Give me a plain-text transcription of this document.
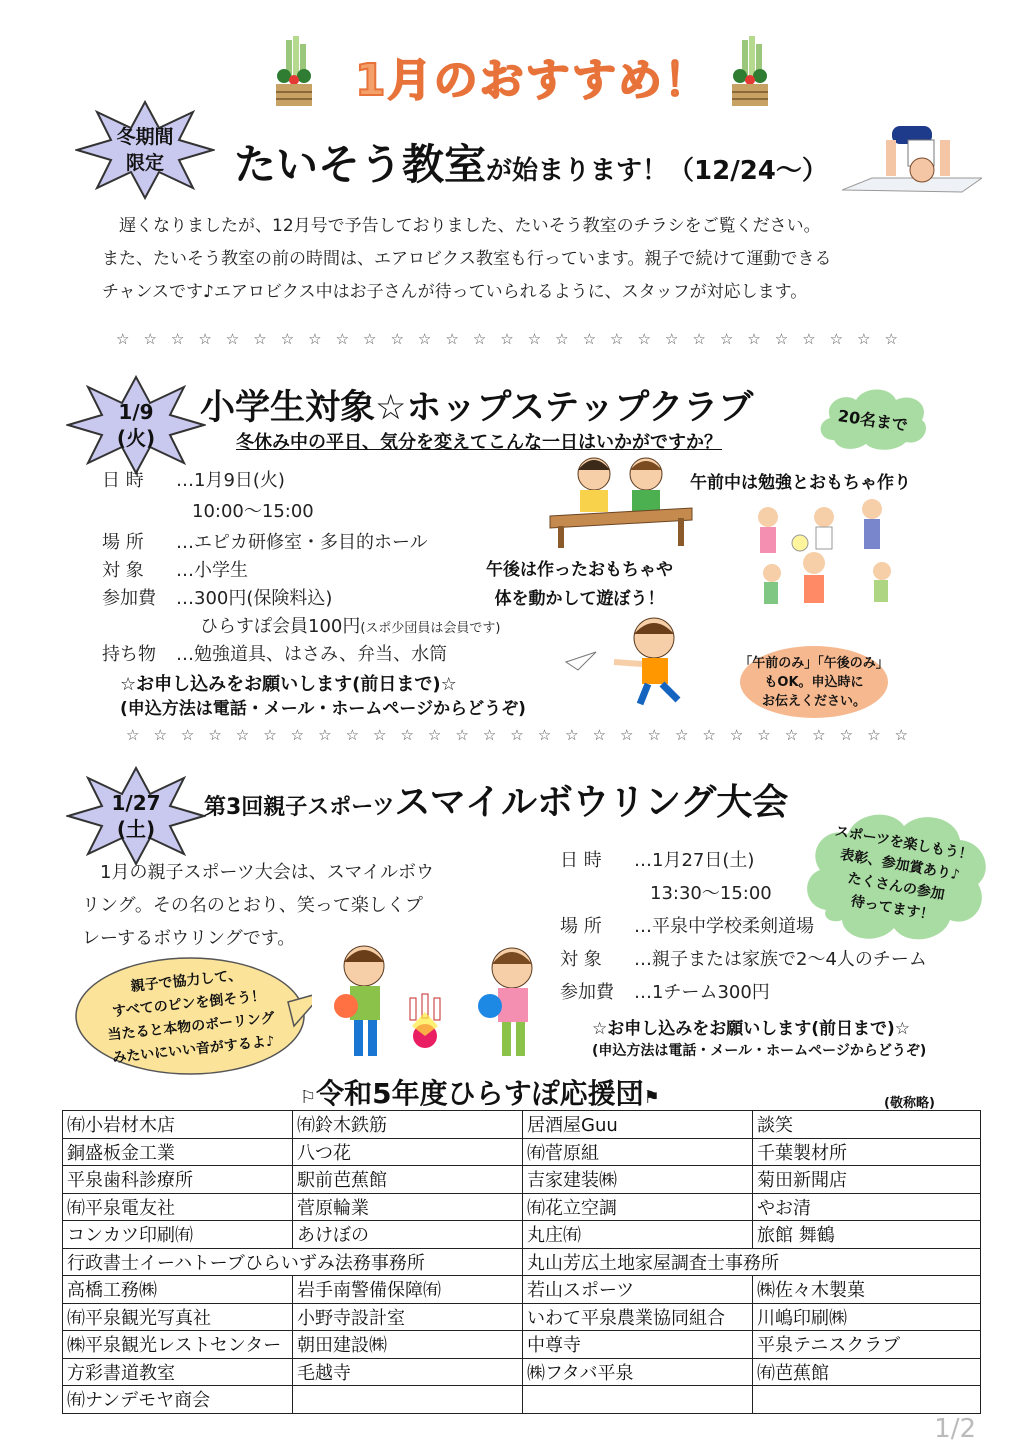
1月のおすすめ！
冬期間
限定	たいそう教室が始まります！（12/24～）
　遅くなりましたが、12月号で予告しておりました、たいそう教室のチラシをご覧ください。
また、たいそう教室の前の時間は、エアロビクス教室も行っています。親子で続けて運動できる
チャンスです♪エアロビクス中はお子さんが待っていられるように、スタッフが対応します。
☆☆☆☆☆☆☆☆☆☆☆☆☆☆☆☆☆☆☆☆☆☆☆☆☆☆☆☆☆
1/9
(火)
小学生対象☆ホップステップクラブ	20名まで
冬休み中の平日、気分を変えてこんな一日はいかがですか？
日 時 …1月9日(火)
10:00～15:00
場 所 …エピカ研修室・多目的ホール
対 象 …小学生
参加費 …300円(保険料込)
ひらすぽ会員100円(スポ少団員は会員です)
持ち物 …勉強道具、はさみ、弁当、水筒
☆お申し込みをお願いします(前日まで)☆
(申込方法は電話・メール・ホームページからどうぞ)
午前中は勉強とおもちゃ作り
午後は作ったおもちゃや
体を動かして遊ぼう！
「午前のみ」「午後のみ」
もOK。申込時に
お伝えください。
☆☆☆☆☆☆☆☆☆☆☆☆☆☆☆☆☆☆☆☆☆☆☆☆☆☆☆☆☆
1/27
(土)
第3回親子スポーツスマイルボウリング大会
　1月の親子スポーツ大会は、スマイルボウ
リング。その名のとおり、笑って楽しくプ
レーするボウリングです。
日 時 …1月27日(土)
13:30～15:00
場 所 …平泉中学校柔剣道場
対 象 …親子または家族で2～4人のチーム
参加費 …1チーム300円
☆お申し込みをお願いします(前日まで)☆
(申込方法は電話・メール・ホームページからどうぞ)
スポーツを楽しもう！
表彰、参加賞あり♪
たくさんの参加
待ってます！
親子で協力して、
すべてのピンを倒そう！
当たると本物のボーリング
みたいにいい音がするよ♪
⚐令和5年度ひらすぽ応援団⚑	(敬称略)
㈲小岩材木店	㈲鈴木鉄筋	居酒屋Guu	談笑
銅盛板金工業	八つ花	㈲菅原組	千葉製材所
平泉歯科診療所	駅前芭蕉館	吉家建装㈱	菊田新聞店
㈲平泉電友社	菅原輪業	㈲花立空調	やお清
コンカツ印刷㈲	あけぼの	丸庄㈲	旅館 舞鶴
行政書士イーハトーブひらいずみ法務事務所		丸山芳広土地家屋調査士事務所	
高橋工務㈱	岩手南警備保障㈲	若山スポーツ	㈱佐々木製菓
㈲平泉観光写真社	小野寺設計室	いわて平泉農業協同組合	川嶋印刷㈱
㈱平泉観光レストセンター	朝田建設㈱	中尊寺	平泉テニスクラブ
方彩書道教室	毛越寺	㈱フタバ平泉	㈲芭蕉館
㈲ナンデモヤ商会			
1/2
